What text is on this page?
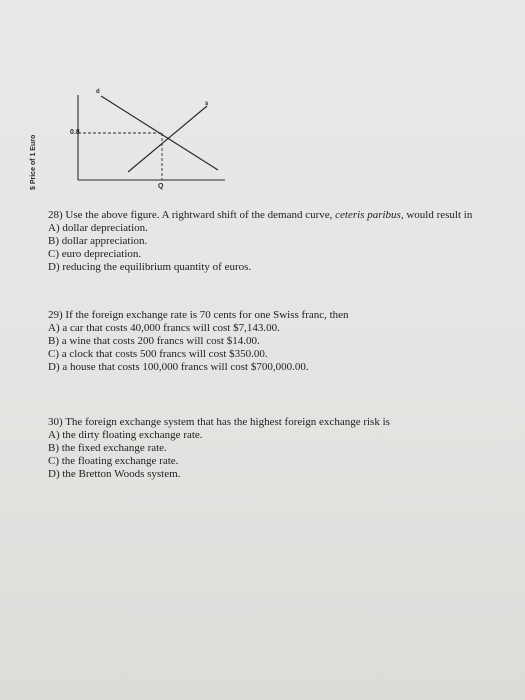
$ Price of 1 Euro
0.8
Q
d
s
28) Use the above figure. A rightward shift of the demand curve, ceteris paribus, would result in
A) dollar depreciation.
B) dollar appreciation.
C) euro depreciation.
D) reducing the equilibrium quantity of euros.
29) If the foreign exchange rate is 70 cents for one Swiss franc, then
A) a car that costs 40,000 francs will cost $7,143.00.
B) a wine that costs 200 francs will cost $14.00.
C) a clock that costs 500 francs will cost $350.00.
D) a house that costs 100,000 francs will cost $700,000.00.
30) The foreign exchange system that has the highest foreign exchange risk is
A) the dirty floating exchange rate.
B) the fixed exchange rate.
C) the floating exchange rate.
D) the Bretton Woods system.
